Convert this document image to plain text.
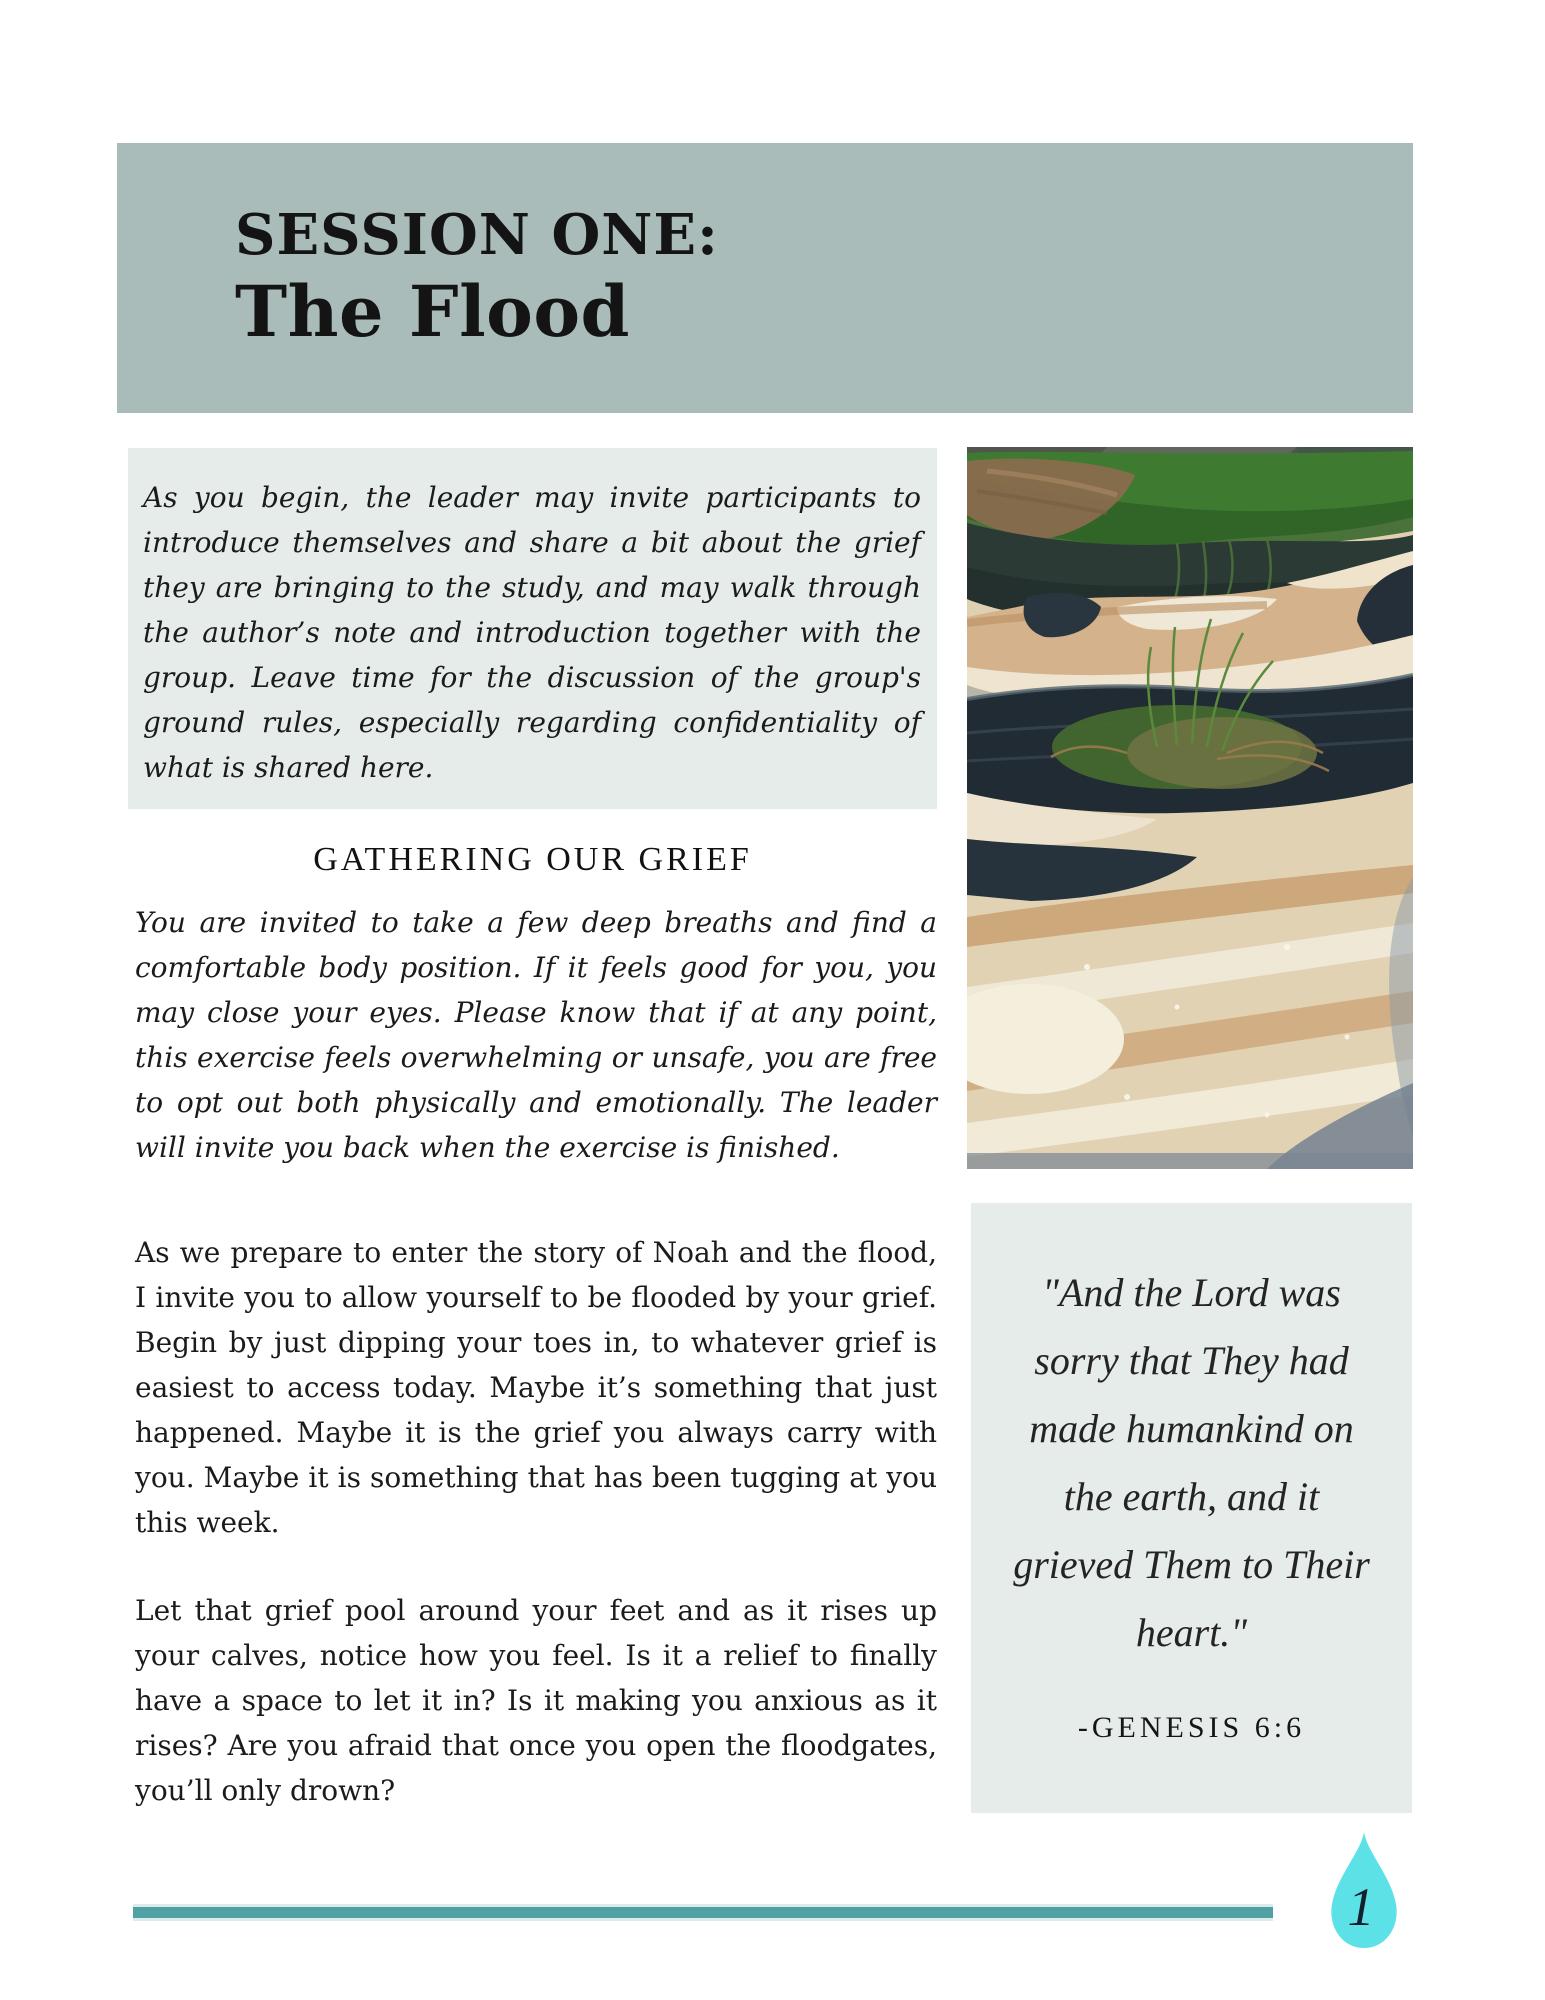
SESSION ONE:
The Flood

As you begin, the leader may invite participants to introduce themselves and share a bit about the grief they are bringing to the study, and may walk through the author’s note and introduction together with the group. Leave time for the discussion of the group's ground rules, especially regarding confidentiality of what is shared here.

GATHERING OUR GRIEF

You are invited to take a few deep breaths and find a comfortable body position. If it feels good for you, you may close your eyes. Please know that if at any point, this exercise feels overwhelming or unsafe, you are free to opt out both physically and emotionally. The leader will invite you back when the exercise is finished.

As we prepare to enter the story of Noah and the flood, I invite you to allow yourself to be flooded by your grief. Begin by just dipping your toes in, to whatever grief is easiest to access today. Maybe it’s something that just happened. Maybe it is the grief you always carry with you. Maybe it is something that has been tugging at you this week.

Let that grief pool around your feet and as it rises up your calves, notice how you feel. Is it a relief to finally have a space to let it in? Is it making you anxious as it rises? Are you afraid that once you open the floodgates, you’ll only drown?

"And the Lord was
sorry that They had
made humankind on
the earth, and it
grieved Them to Their
heart."

-GENESIS 6:6

1
